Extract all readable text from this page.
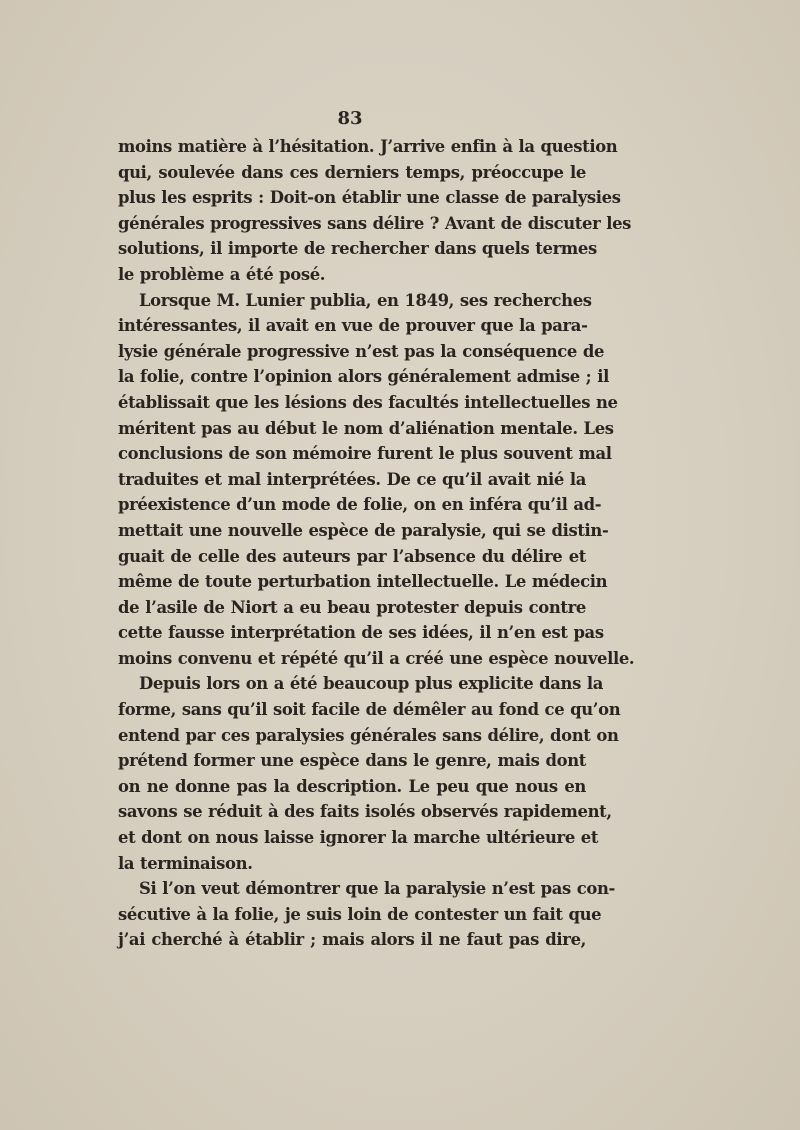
83
moins matière à l’hésitation. J’arrive enfin à la question
qui, soulevée dans ces derniers temps, préoccupe le
plus les esprits : Doit-on établir une classe de paralysies
générales progressives sans délire ? Avant de discuter les
solutions, il importe de rechercher dans quels termes
le problème a été posé.
Lorsque M. Lunier publia, en 1849, ses recherches
intéressantes, il avait en vue de prouver que la para-
lysie générale progressive n’est pas la conséquence de
la folie, contre l’opinion alors généralement admise ; il
établissait que les lésions des facultés intellectuelles ne
méritent pas au début le nom d’aliénation mentale. Les
conclusions de son mémoire furent le plus souvent mal
traduites et mal interprétées. De ce qu’il avait nié la
préexistence d’un mode de folie, on en inféra qu’il ad-
mettait une nouvelle espèce de paralysie, qui se distin-
guait de celle des auteurs par l’absence du délire et
même de toute perturbation intellectuelle. Le médecin
de l’asile de Niort a eu beau protester depuis contre
cette fausse interprétation de ses idées, il n’en est pas
moins convenu et répété qu’il a créé une espèce nouvelle.
Depuis lors on a été beaucoup plus explicite dans la
forme, sans qu’il soit facile de démêler au fond ce qu’on
entend par ces paralysies générales sans délire, dont on
prétend former une espèce dans le genre, mais dont
on ne donne pas la description. Le peu que nous en
savons se réduit à des faits isolés observés rapidement,
et dont on nous laisse ignorer la marche ultérieure et
la terminaison.
Si l’on veut démontrer que la paralysie n’est pas con-
sécutive à la folie, je suis loin de contester un fait que
j’ai cherché à établir ; mais alors il ne faut pas dire,
